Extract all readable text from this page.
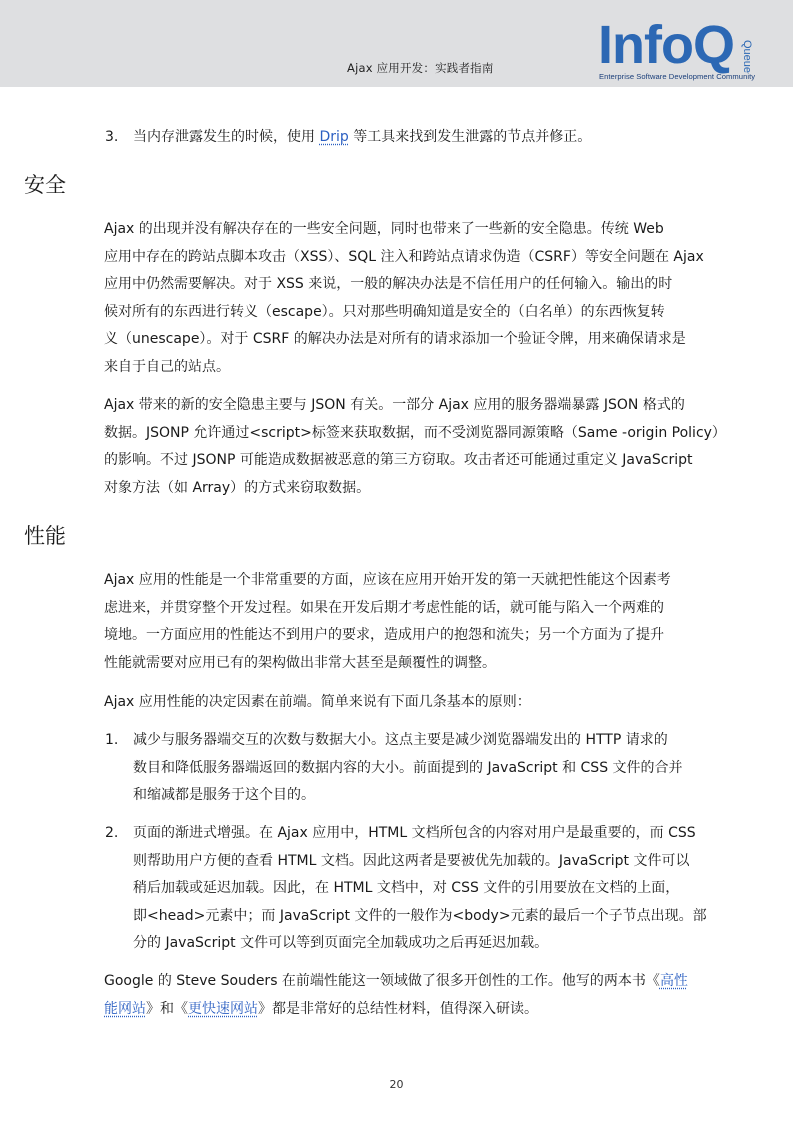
Ajax 应用开发：实践者指南 InfoQ Queue
Enterprise Software Development Community
3. 当内存泄露发生的时候，使用 Drip 等工具来找到发生泄露的节点并修正。
安全
Ajax 的出现并没有解决存在的一些安全问题，同时也带来了一些新的安全隐患。传统 Web
应用中存在的跨站点脚本攻击（XSS）、SQL 注入和跨站点请求伪造（CSRF）等安全问题在 Ajax
应用中仍然需要解决。对于 XSS 来说，一般的解决办法是不信任用户的任何输入。输出的时
候对所有的东西进行转义（escape）。只对那些明确知道是安全的（白名单）的东西恢复转
义（unescape）。对于 CSRF 的解决办法是对所有的请求添加一个验证令牌，用来确保请求是
来自于自己的站点。
Ajax 带来的新的安全隐患主要与 JSON 有关。一部分 Ajax 应用的服务器端暴露 JSON 格式的
数据。JSONP 允许通过<script>标签来获取数据，而不受浏览器同源策略（Same -origin Policy）
的影响。不过 JSONP 可能造成数据被恶意的第三方窃取。攻击者还可能通过重定义 JavaScript
对象方法（如 Array）的方式来窃取数据。
性能
Ajax 应用的性能是一个非常重要的方面，应该在应用开始开发的第一天就把性能这个因素考
虑进来，并贯穿整个开发过程。如果在开发后期才考虑性能的话，就可能与陷入一个两难的
境地。一方面应用的性能达不到用户的要求，造成用户的抱怨和流失；另一个方面为了提升
性能就需要对应用已有的架构做出非常大甚至是颠覆性的调整。
Ajax 应用性能的决定因素在前端。简单来说有下面几条基本的原则：
1. 减少与服务器端交互的次数与数据大小。这点主要是减少浏览器端发出的 HTTP 请求的
数目和降低服务器端返回的数据内容的大小。前面提到的 JavaScript 和 CSS 文件的合并
和缩减都是服务于这个目的。
2. 页面的渐进式增强。在 Ajax 应用中，HTML 文档所包含的内容对用户是最重要的，而 CSS
则帮助用户方便的查看 HTML 文档。因此这两者是要被优先加载的。JavaScript 文件可以
稍后加载或延迟加载。因此，在 HTML 文档中，对 CSS 文件的引用要放在文档的上面，
即<head>元素中；而 JavaScript 文件的一般作为<body>元素的最后一个子节点出现。部
分的 JavaScript 文件可以等到页面完全加载成功之后再延迟加载。
Google 的 Steve Souders 在前端性能这一领域做了很多开创性的工作。他写的两本书《高性
能网站》和《更快速网站》都是非常好的总结性材料，值得深入研读。
20
